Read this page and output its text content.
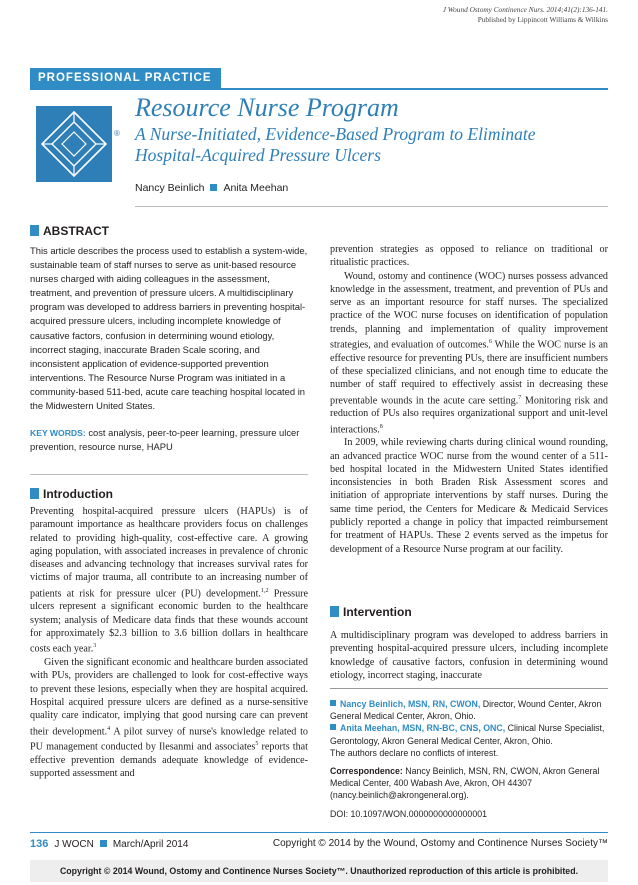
J Wound Ostomy Continence Nurs. 2014;41(2):136-141.
Published by Lippincott Williams & Wilkins
PROFESSIONAL PRACTICE
®
Resource Nurse Program
A Nurse-Initiated, Evidence-Based Program to Eliminate Hospital-Acquired Pressure Ulcers
Nancy Beinlich Anita Meehan
ABSTRACT

This article describes the process used to establish a system-wide, sustainable team of staff nurses to serve as unit-based resource nurses charged with aiding colleagues in the assessment, treatment, and prevention of pressure ulcers. A multidisciplinary program was developed to address barriers in preventing hospital-acquired pressure ulcers, including incomplete knowledge of causative factors, confusion in determining wound etiology, incorrect staging, inaccurate Braden Scale scoring, and inconsistent application of evidence-supported prevention interventions. The Resource Nurse Program was initiated in a community-based 511-bed, acute care teaching hospital located in the Midwestern United States.

KEY WORDS: cost analysis, peer-to-peer learning, pressure ulcer prevention, resource nurse, HAPU

Introduction

Preventing hospital-acquired pressure ulcers (HAPUs) is of paramount importance as healthcare providers focus on challenges related to providing high-quality, cost-effective care. A growing aging population, with associated increases in prevalence of chronic diseases and advancing technology that increases survival rates for victims of major trauma, all contribute to an increasing number of patients at risk for pressure ulcer (PU) development.$^{1,2}$ Pressure ulcers represent a significant economic burden to the healthcare system; analysis of Medicare data finds that these wounds account for approximately $2.3 billion to 3.6 billion dollars in healthcare costs each year.$^3$

Given the significant economic and healthcare burden associated with PUs, providers are challenged to look for cost-effective ways to prevent these lesions, especially when they are hospital acquired. Hospital acquired pressure ulcers are defined as a nurse-sensitive quality care indicator, implying that good nursing care can prevent their development.$^4$ A pilot survey of nurse's knowledge related to PU management conducted by Ilesanmi and associates$^5$ reports that effective prevention demands adequate knowledge of evidence-supported assessment and

prevention strategies as opposed to reliance on traditional or ritualistic practices.

Wound, ostomy and continence (WOC) nurses possess advanced knowledge in the assessment, treatment, and prevention of PUs and serve as an important resource for staff nurses. The specialized practice of the WOC nurse focuses on identification of population trends, planning and implementation of quality improvement strategies, and evaluation of outcomes.$^6$ While the WOC nurse is an effective resource for preventing PUs, there are insufficient numbers of these specialized clinicians, and not enough time to educate the number of staff required to effectively assist in decreasing these preventable wounds in the acute care setting.$^7$ Monitoring risk and reduction of PUs also requires organizational support and unit-level interactions.$^8$

In 2009, while reviewing charts during clinical wound rounding, an advanced practice WOC nurse from the wound center of a 511-bed hospital located in the Midwestern United States identified inconsistencies in both Braden Risk Assessment scores and initiation of appropriate interventions by staff nurses. During the same time period, the Centers for Medicare & Medicaid Services publicly reported a change in policy that impacted reimbursement for treatment of HAPUs. These 2 events served as the impetus for development of a Resource Nurse program at our facility.

Intervention

A multidisciplinary program was developed to address barriers in preventing hospital-acquired pressure ulcers, including incomplete knowledge of causative factors, confusion in determining wound etiology, incorrect staging, inaccurate

Nancy Beinlich, MSN, RN, CWON, Director, Wound Center, Akron General Medical Center, Akron, Ohio.

Anita Meehan, MSN, RN-BC, CNS, ONC, Clinical Nurse Specialist, Gerontology, Akron General Medical Center, Akron, Ohio.

The authors declare no conflicts of interest.

Correspondence: Nancy Beinlich, MSN, RN, CWON, Akron General Medical Center, 400 Wabash Ave, Akron, OH 44307 (nancy.beinlich@akrongeneral.org).

DOI: 10.1097/WON.0000000000000001

136 J WOCN March/April 2014	Copyright © 2014 by the Wound, Ostomy and Continence Nurses Society™
Copyright © 2014 Wound, Ostomy and Continence Nurses Society™. Unauthorized reproduction of this article is prohibited.
